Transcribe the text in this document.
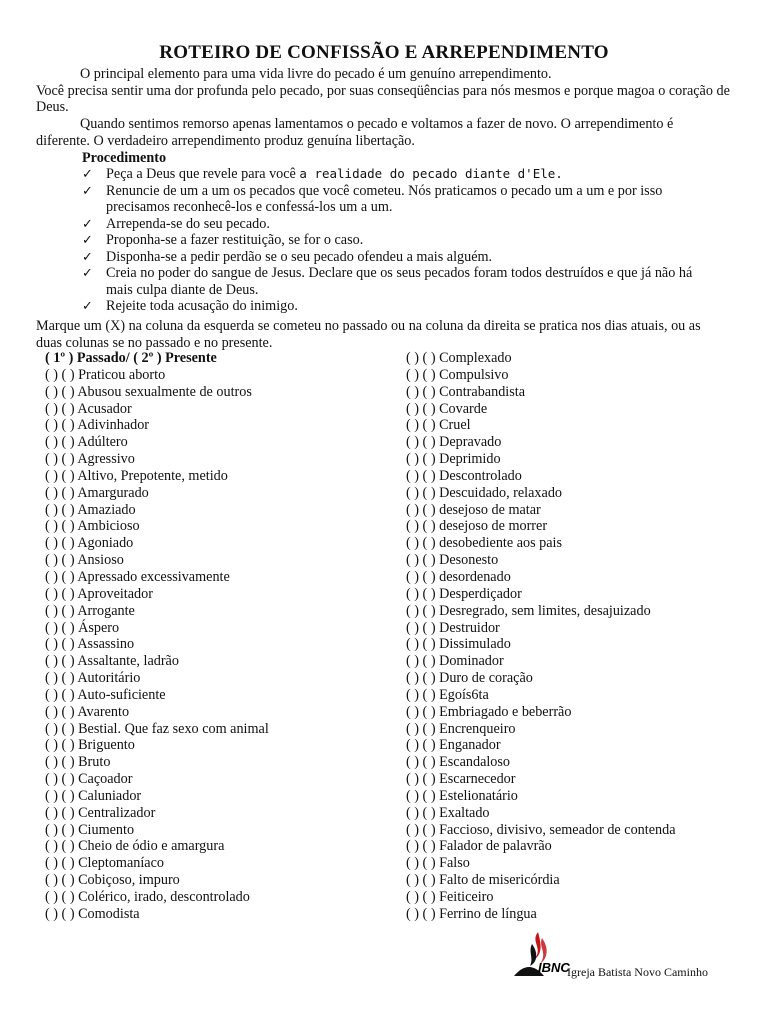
ROTEIRO DE CONFISSÃO E ARREPENDIMENTO
O principal elemento para uma vida livre do pecado é um genuíno arrependimento.
Você precisa sentir uma dor profunda pelo pecado, por suas conseqüências para nós mesmos e porque magoa o coração de Deus.
Quando sentimos remorso apenas lamentamos o pecado e voltamos a fazer de novo. O arrependimento é diferente. O verdadeiro arrependimento produz genuína libertação.
Procedimento
✓ Peça a Deus que revele para você a realidade do pecado diante d'Ele.
✓ Renuncie de um a um os pecados que você cometeu. Nós praticamos o pecado um a um e por isso precisamos reconhecê-los e confessá-los um a um.
✓ Arrependa-se do seu pecado.
✓ Proponha-se a fazer restituição, se for o caso.
✓ Disponha-se a pedir perdão se o seu pecado ofendeu a mais alguém.
✓ Creia no poder do sangue de Jesus. Declare que os seus pecados foram todos destruídos e que já não há mais culpa diante de Deus.
✓ Rejeite toda acusação do inimigo.
Marque um (X) na coluna da esquerda se cometeu no passado ou na coluna da direita se pratica nos dias atuais, ou as duas colunas se no passado e no presente.
( 1º ) Passado/ ( 2º ) Presente
( ) ( ) Praticou aborto
( ) ( ) Abusou sexualmente de outros
( ) ( ) Acusador
( ) ( ) Adivinhador
( ) ( ) Adúltero
( ) ( ) Agressivo
( ) ( ) Altivo, Prepotente, metido
( ) ( ) Amargurado
( ) ( ) Amaziado
( ) ( ) Ambicioso
( ) ( ) Agoniado
( ) ( ) Ansioso
( ) ( ) Apressado excessivamente
( ) ( ) Aproveitador
( ) ( ) Arrogante
( ) ( ) Áspero
( ) ( ) Assassino
( ) ( ) Assaltante, ladrão
( ) ( ) Autoritário
( ) ( ) Auto-suficiente
( ) ( ) Avarento
( ) ( ) Bestial. Que faz sexo com animal
( ) ( ) Briguento
( ) ( ) Bruto
( ) ( ) Caçoador
( ) ( ) Caluniador
( ) ( ) Centralizador
( ) ( ) Ciumento
( ) ( ) Cheio de ódio e amargura
( ) ( ) Cleptomaníaco
( ) ( ) Cobiçoso, impuro
( ) ( ) Colérico, irado, descontrolado
( ) ( ) Comodista
( ) ( ) Complexado
( ) ( ) Compulsivo
( ) ( ) Contrabandista
( ) ( ) Covarde
( ) ( ) Cruel
( ) ( ) Depravado
( ) ( ) Deprimido
( ) ( ) Descontrolado
( ) ( ) Descuidado, relaxado
( ) ( ) desejoso de matar
( ) ( ) desejoso de morrer
( ) ( ) desobediente aos pais
( ) ( ) Desonesto
( ) ( ) desordenado
( ) ( ) Desperdiçador
( ) ( ) Desregrado, sem limites, desajuizado
( ) ( ) Destruidor
( ) ( ) Dissimulado
( ) ( ) Dominador
( ) ( ) Duro de coração
( ) ( ) Egoís6ta
( ) ( ) Embriagado e beberrão
( ) ( ) Encrenqueiro
( ) ( ) Enganador
( ) ( ) Escandaloso
( ) ( ) Escarnecedor
( ) ( ) Estelionatário
( ) ( ) Exaltado
( ) ( ) Faccioso, divisivo, semeador de contenda
( ) ( ) Falador de palavrão
( ) ( ) Falso
( ) ( ) Falto de misericórdia
( ) ( ) Feiticeiro
( ) ( ) Ferrino de língua
IBNC
Igreja Batista Novo Caminho
